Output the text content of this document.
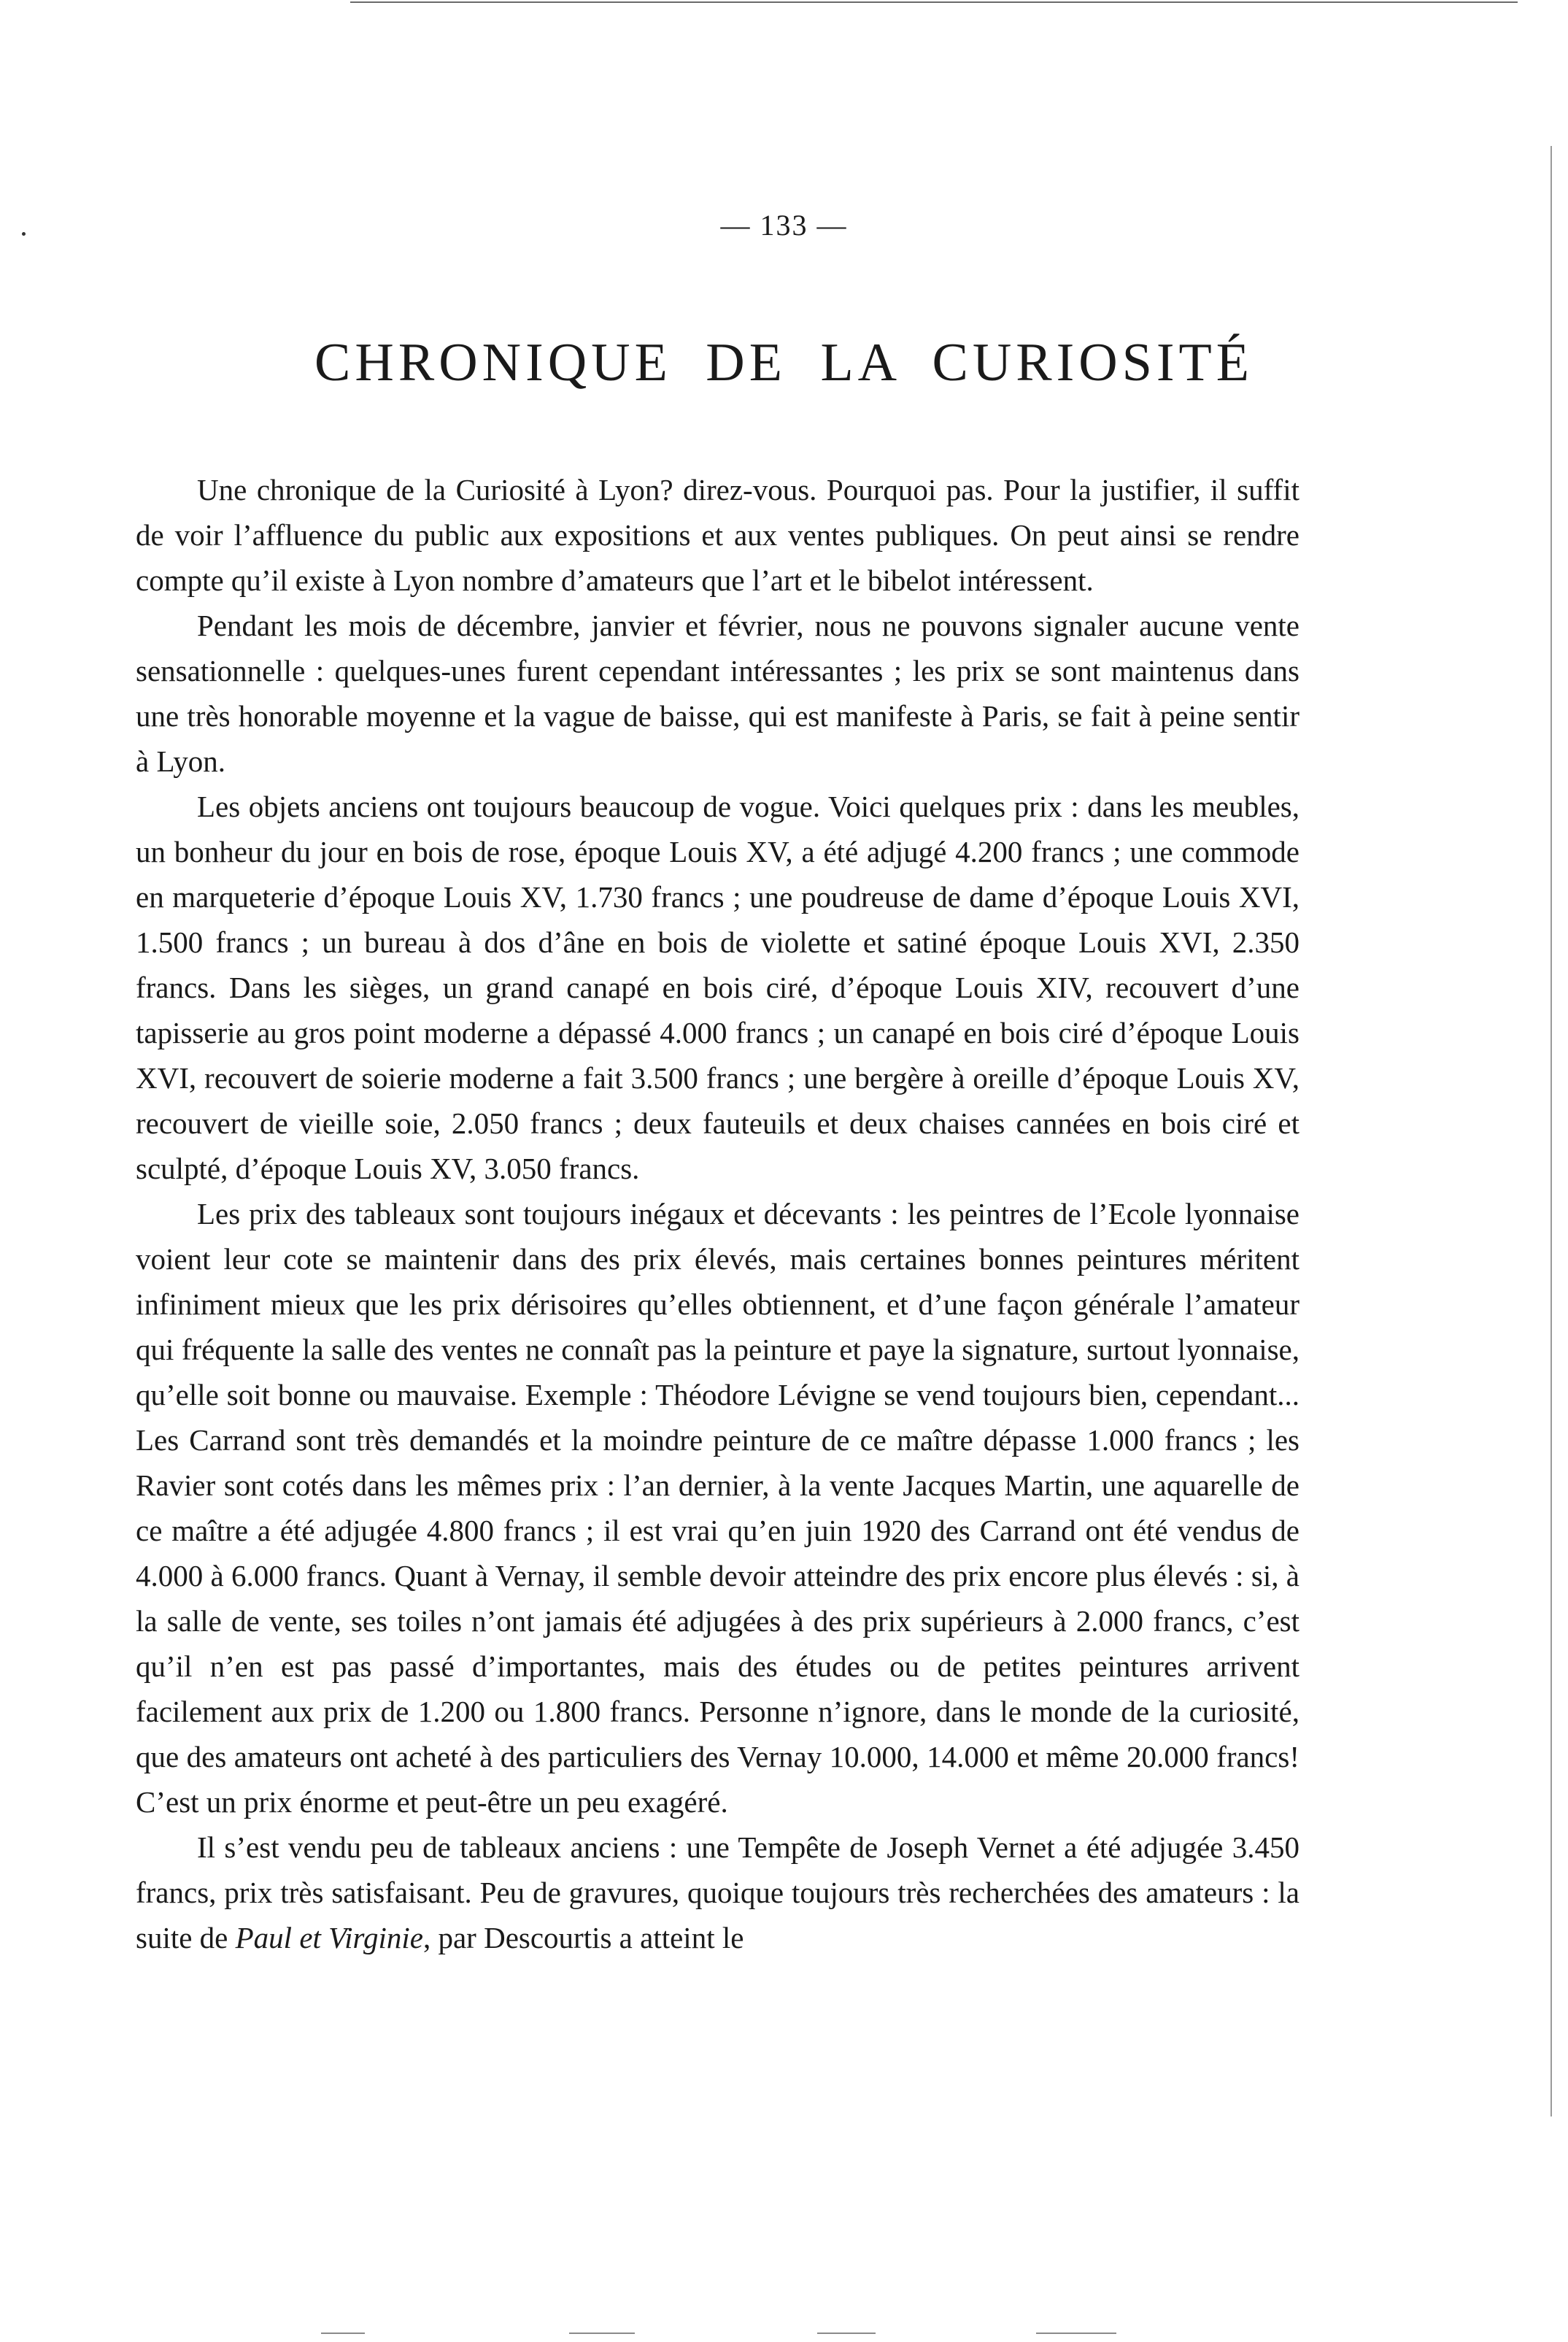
— 133 —
CHRONIQUE DE LA CURIOSITÉ

Une chronique de la Curiosité à Lyon? direz-vous. Pourquoi pas. Pour la justifier, il suffit de voir l’affluence du public aux expositions et aux ventes publiques. On peut ainsi se rendre compte qu’il existe à Lyon nombre d’amateurs que l’art et le bibelot intéressent.

Pendant les mois de décembre, janvier et février, nous ne pouvons signaler aucune vente sensationnelle : quelques-unes furent cependant intéressantes ; les prix se sont maintenus dans une très honorable moyenne et la vague de baisse, qui est manifeste à Paris, se fait à peine sentir à Lyon.

Les objets anciens ont toujours beaucoup de vogue. Voici quelques prix : dans les meubles, un bonheur du jour en bois de rose, époque Louis XV, a été adjugé 4.200 francs ; une commode en marqueterie d’époque Louis XV, 1.730 francs ; une poudreuse de dame d’époque Louis XVI, 1.500 francs ; un bureau à dos d’âne en bois de violette et satiné époque Louis XVI, 2.350 francs. Dans les sièges, un grand canapé en bois ciré, d’époque Louis XIV, recouvert d’une tapisserie au gros point moderne a dépassé 4.000 francs ; un canapé en bois ciré d’époque Louis XVI, recouvert de soierie moderne a fait 3.500 francs ; une bergère à oreille d’époque Louis XV, recouvert de vieille soie, 2.050 francs ; deux fauteuils et deux chaises cannées en bois ciré et sculpté, d’époque Louis XV, 3.050 francs.

Les prix des tableaux sont toujours inégaux et décevants : les peintres de l’Ecole lyonnaise voient leur cote se maintenir dans des prix élevés, mais certaines bonnes peintures méritent infiniment mieux que les prix dérisoires qu’elles obtiennent, et d’une façon générale l’amateur qui fréquente la salle des ventes ne connaît pas la peinture et paye la signature, surtout lyonnaise, qu’elle soit bonne ou mauvaise. Exemple : Théodore Lévigne se vend toujours bien, cependant... Les Carrand sont très demandés et la moindre peinture de ce maître dépasse 1.000 francs ; les Ravier sont cotés dans les mêmes prix : l’an dernier, à la vente Jacques Martin, une aquarelle de ce maître a été adjugée 4.800 francs ; il est vrai qu’en juin 1920 des Carrand ont été vendus de 4.000 à 6.000 francs. Quant à Vernay, il semble devoir atteindre des prix encore plus élevés : si, à la salle de vente, ses toiles n’ont jamais été adjugées à des prix supérieurs à 2.000 francs, c’est qu’il n’en est pas passé d’importantes, mais des études ou de petites peintures arrivent facilement aux prix de 1.200 ou 1.800 francs. Personne n’ignore, dans le monde de la curiosité, que des amateurs ont acheté à des particuliers des Vernay 10.000, 14.000 et même 20.000 francs! C’est un prix énorme et peut-être un peu exagéré.

Il s’est vendu peu de tableaux anciens : une Tempête de Joseph Vernet a été adjugée 3.450 francs, prix très satisfaisant. Peu de gravures, quoique toujours très recherchées des amateurs : la suite de Paul et Virginie, par Descourtis a atteint le
